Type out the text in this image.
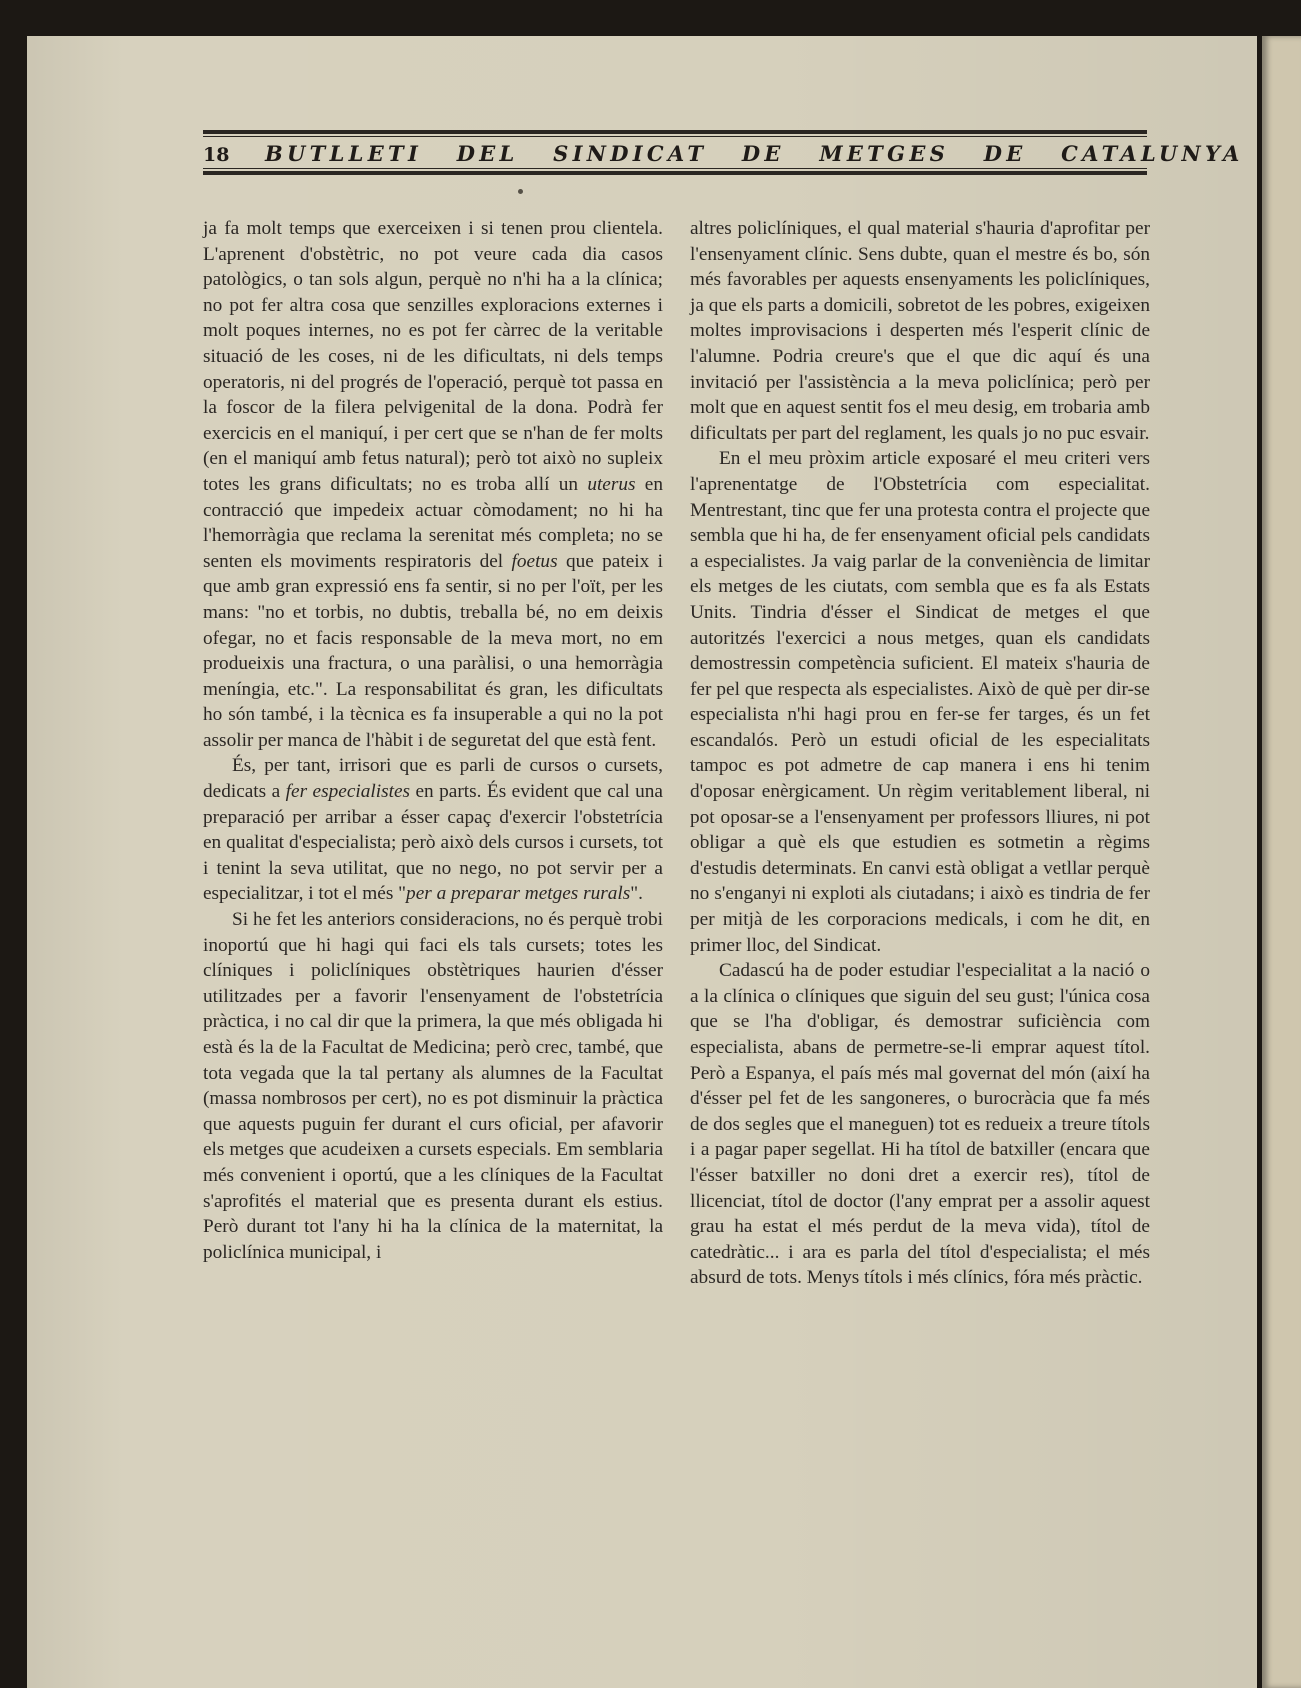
18 BUTLLETI DEL SINDICAT DE METGES DE CATALUNYA

ja fa molt temps que exerceixen i si tenen prou clientela. L'aprenent d'obstètric, no pot veure cada dia casos patològics, o tan sols algun, perquè no n'hi ha a la clínica; no pot fer altra cosa que senzilles exploracions externes i molt poques internes, no es pot fer càrrec de la veritable situació de les coses, ni de les dificultats, ni dels temps operatoris, ni del progrés de l'operació, perquè tot passa en la foscor de la filera pelvigenital de la dona. Podrà fer exercicis en el maniquí, i per cert que se n'han de fer molts (en el maniquí amb fetus natural); però tot això no supleix totes les grans dificultats; no es troba allí un uterus en contracció que impedeix actuar còmodament; no hi ha l'hemorràgia que reclama la serenitat més completa; no se senten els moviments respiratoris del foetus que pateix i que amb gran expressió ens fa sentir, si no per l'oït, per les mans: "no et torbis, no dubtis, treballa bé, no em deixis ofegar, no et facis responsable de la meva mort, no em produeixis una fractura, o una paràlisi, o una hemorràgia meníngia, etc.". La responsabilitat és gran, les dificultats ho són també, i la tècnica es fa insuperable a qui no la pot assolir per manca de l'hàbit i de seguretat del que està fent.

És, per tant, irrisori que es parli de cursos o cursets, dedicats a fer especialistes en parts. És evident que cal una preparació per arribar a ésser capaç d'exercir l'obstetrícia en qualitat d'especialista; però això dels cursos i cursets, tot i tenint la seva utilitat, que no nego, no pot servir per a especialitzar, i tot el més "per a preparar metges rurals".

Si he fet les anteriors consideracions, no és perquè trobi inoportú que hi hagi qui faci els tals cursets; totes les clíniques i policlíniques obstètriques haurien d'ésser utilitzades per a favorir l'ensenyament de l'obstetrícia pràctica, i no cal dir que la primera, la que més obligada hi està és la de la Facultat de Medicina; però crec, també, que tota vegada que la tal pertany als alumnes de la Facultat (massa nombrosos per cert), no es pot disminuir la pràctica que aquests puguin fer durant el curs oficial, per afavorir els metges que acudeixen a cursets especials. Em semblaria més convenient i oportú, que a les clíniques de la Facultat s'aprofités el material que es presenta durant els estius. Però durant tot l'any hi ha la clínica de la maternitat, la policlínica municipal, i

altres policlíniques, el qual material s'hauria d'aprofitar per l'ensenyament clínic. Sens dubte, quan el mestre és bo, són més favorables per aquests ensenyaments les policlíniques, ja que els parts a domicili, sobretot de les pobres, exigeixen moltes improvisacions i desperten més l'esperit clínic de l'alumne. Podria creure's que el que dic aquí és una invitació per l'assistència a la meva policlínica; però per molt que en aquest sentit fos el meu desig, em trobaria amb dificultats per part del reglament, les quals jo no puc esvair.

En el meu pròxim article exposaré el meu criteri vers l'aprenentatge de l'Obstetrícia com especialitat. Mentrestant, tinc que fer una protesta contra el projecte que sembla que hi ha, de fer ensenyament oficial pels candidats a especialistes. Ja vaig parlar de la conveniència de limitar els metges de les ciutats, com sembla que es fa als Estats Units. Tindria d'ésser el Sindicat de metges el que autoritzés l'exercici a nous metges, quan els candidats demostressin competència suficient. El mateix s'hauria de fer pel que respecta als especialistes. Això de què per dir-se especialista n'hi hagi prou en fer-se fer targes, és un fet escandalós. Però un estudi oficial de les especialitats tampoc es pot admetre de cap manera i ens hi tenim d'oposar enèrgicament. Un règim veritablement liberal, ni pot oposar-se a l'ensenyament per professors lliures, ni pot obligar a què els que estudien es sotmetin a règims d'estudis determinats. En canvi està obligat a vetllar perquè no s'enganyi ni exploti als ciutadans; i això es tindria de fer per mitjà de les corporacions medicals, i com he dit, en primer lloc, del Sindicat.

Cadascú ha de poder estudiar l'especialitat a la nació o a la clínica o clíniques que siguin del seu gust; l'única cosa que se l'ha d'obligar, és demostrar suficiència com especialista, abans de permetre-se-li emprar aquest títol. Però a Espanya, el país més mal governat del món (així ha d'ésser pel fet de les sangoneres, o burocràcia que fa més de dos segles que el maneguen) tot es redueix a treure títols i a pagar paper segellat. Hi ha títol de batxiller (encara que l'ésser batxiller no doni dret a exercir res), títol de llicenciat, títol de doctor (l'any emprat per a assolir aquest grau ha estat el més perdut de la meva vida), títol de catedràtic... i ara es parla del títol d'especialista; el més absurd de tots. Menys títols i més clínics, fóra més pràctic.
